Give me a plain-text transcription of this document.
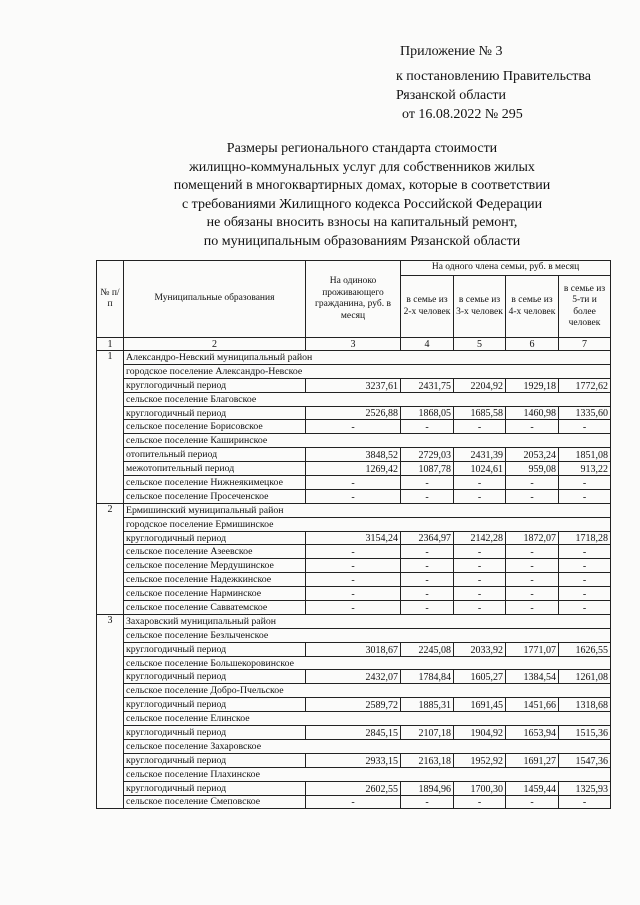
Приложение № 3
к постановлению Правительства
Рязанской области
от 16.08.2022 № 295
Размеры регионального стандарта стоимости
жилищно-коммунальных услуг для собственников жилых
помещений в многоквартирных домах, которые в соответствии
с требованиями Жилищного кодекса Российской Федерации
не обязаны вносить взносы на капитальный ремонт,
по муниципальным образованиям Рязанской области
№ п/п	Муниципальные образования	На одиноко проживающего гражданина, руб. в месяц	На одного члена семьи, руб. в месяц			
			в семье из 2-х человек	в семье из 3-х человек	в семье из 4-х человек	в семье из 5-ти и более человек
1	2	3	4	5	6	7
1	Александро-Невский муниципальный район					
	городское поселение Александро-Невское					
	круглогодичный период	3237,61	2431,75	2204,92	1929,18	1772,62
	сельское поселение Благовское					
	круглогодичный период	2526,88	1868,05	1685,58	1460,98	1335,60
	сельское поселение Борисовское	-	-	-	-	-
	сельское поселение Каширинское					
	отопительный период	3848,52	2729,03	2431,39	2053,24	1851,08
	межотопительный период	1269,42	1087,78	1024,61	959,08	913,22
	сельское поселение Нижнеякимецкое	-	-	-	-	-
	сельское поселение Просеченское	-	-	-	-	-
2	Ермишинский муниципальный район					
	городское поселение Ермишинское					
	круглогодичный период	3154,24	2364,97	2142,28	1872,07	1718,28
	сельское поселение Азеевское	-	-	-	-	-
	сельское поселение Мердушинское	-	-	-	-	-
	сельское поселение Надежкинское	-	-	-	-	-
	сельское поселение Нарминское	-	-	-	-	-
	сельское поселение Савватемское	-	-	-	-	-
3	Захаровский муниципальный район					
	сельское поселение Безлыченское					
	круглогодичный период	3018,67	2245,08	2033,92	1771,07	1626,55
	сельское поселение Большекоровинское					
	круглогодичный период	2432,07	1784,84	1605,27	1384,54	1261,08
	сельское поселение Добро-Пчельское					
	круглогодичный период	2589,72	1885,31	1691,45	1451,66	1318,68
	сельское поселение Елинское					
	круглогодичный период	2845,15	2107,18	1904,92	1653,94	1515,36
	сельское поселение Захаровское					
	круглогодичный период	2933,15	2163,18	1952,92	1691,27	1547,36
	сельское поселение Плахинское					
	круглогодичный период	2602,55	1894,96	1700,30	1459,44	1325,93
	сельское поселение Смеповское	-	-	-	-	-
